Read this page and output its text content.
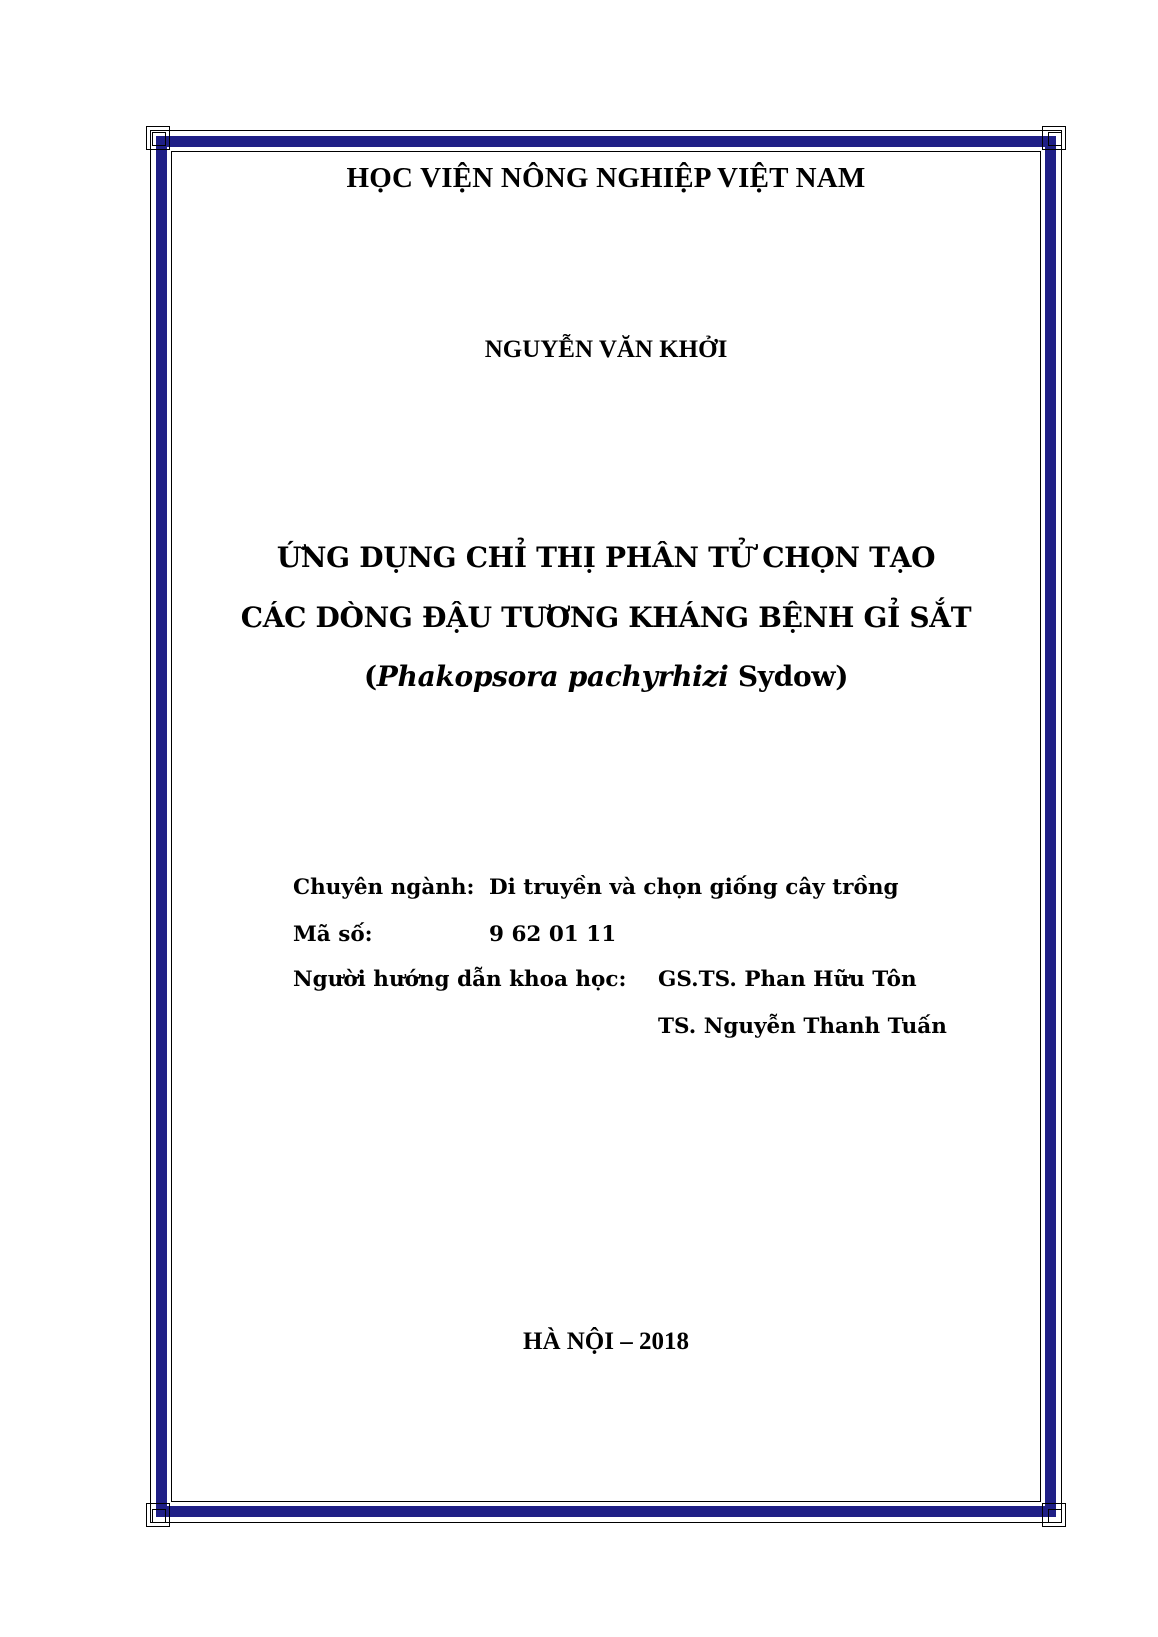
HỌC VIỆN NÔNG NGHIỆP VIỆT NAM
NGUYỄN VĂN KHỞI
ỨNG DỤNG CHỈ THỊ PHÂN TỬ CHỌN TẠO
CÁC DÒNG ĐẬU TƯƠNG KHÁNG BỆNH GỈ SẮT
(Phakopsora pachyrhizi Sydow)
Chuyên ngành: Di truyền và chọn giống cây trồng
Mã số:	9 62 01 11
Người hướng dẫn khoa học: GS.TS. Phan Hữu Tôn
TS. Nguyễn Thanh Tuấn
HÀ NỘI – 2018
